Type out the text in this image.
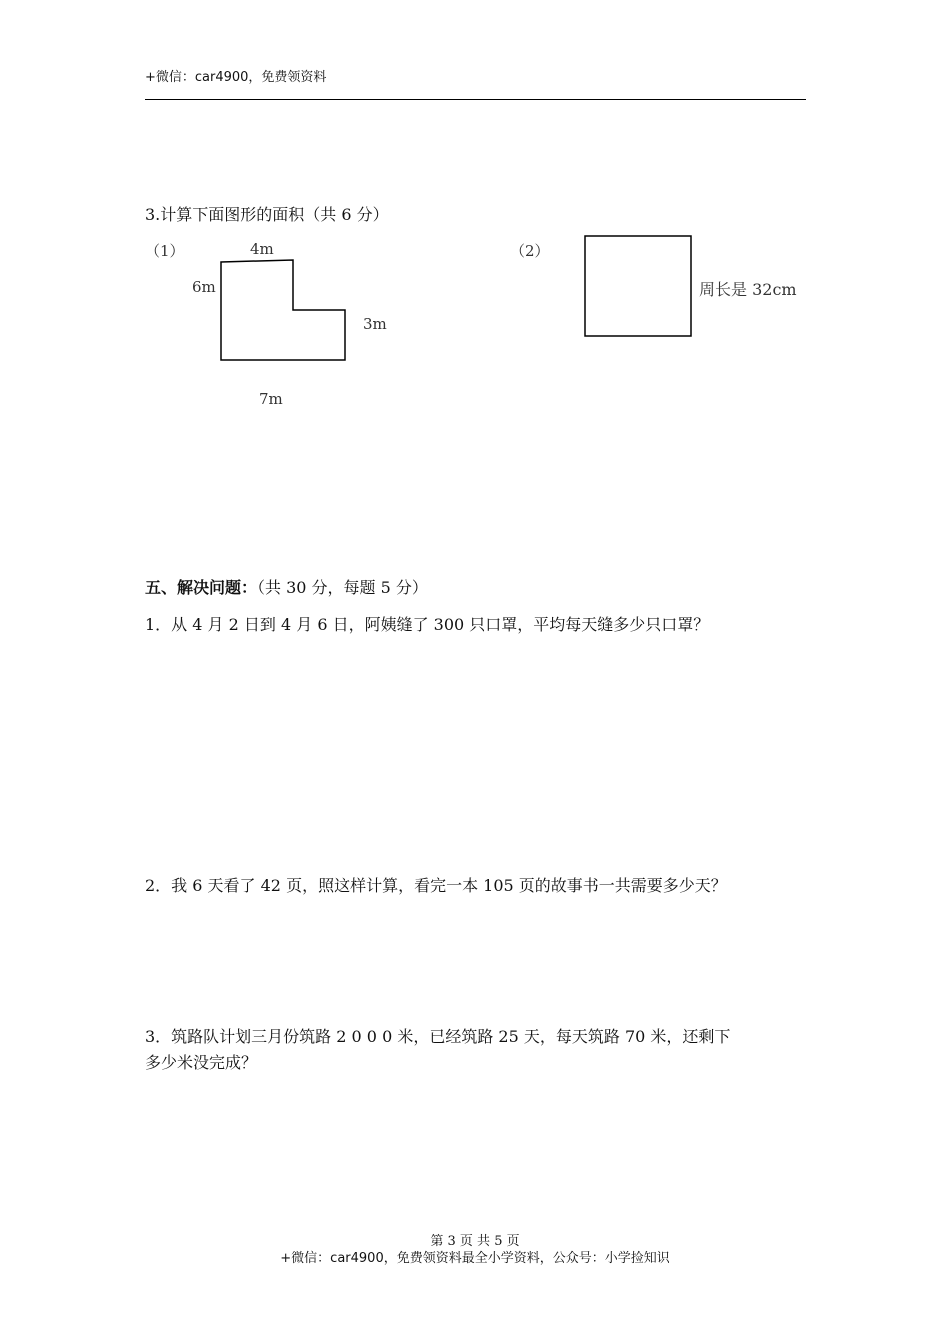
+微信：car4900，免费领资料
3.计算下面图形的面积（共 6 分）
（1）	4m
6m
3m
7m
（2）
周长是 32cm
五、解决问题：（共 30 分，每题 5 分）
1．从 4 月 2 日到 4 月 6 日，阿姨缝了 300 只口罩，平均每天缝多少只口罩？
2．我 6 天看了 42 页，照这样计算，看完一本 105 页的故事书一共需要多少天？
3．筑路队计划三月份筑路 2 0 0 0 米，已经筑路 25 天，每天筑路 70 米，还剩下
多少米没完成？
第 3 页 共 5 页
+微信：car4900，免费领资料最全小学资料，公众号：小学捡知识
